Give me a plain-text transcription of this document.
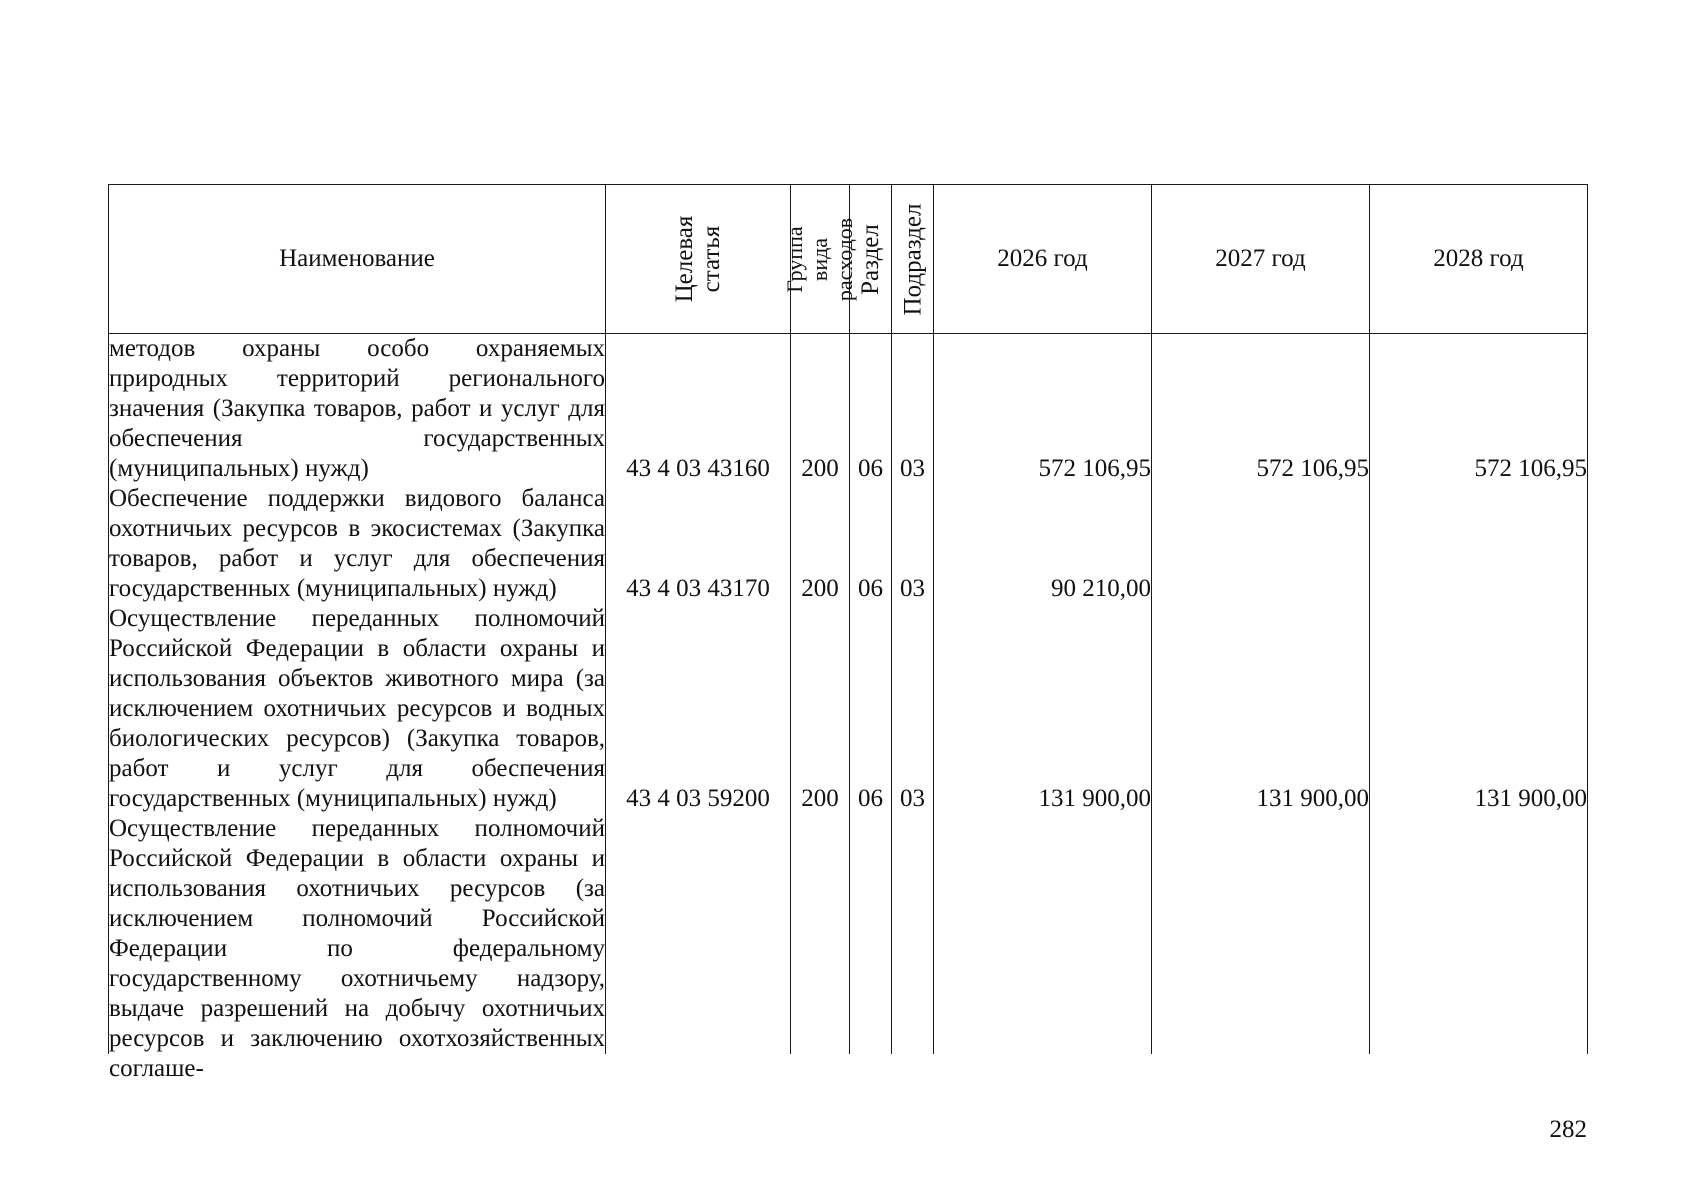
Наименование	Целевая статья	Группа вида расходов	Раздел	Подраздел	2026 год	2027 год	2028 год

методов охраны особо охраняемых природных территорий регионального значения (Закупка товаров, работ и услуг для обеспечения государственных (муниципальных) нужд)	43 4 03 43160	200	06	03	572 106,95	572 106,95	572 106,95

Обеспечение поддержки видового баланса охотничьих ресурсов в экосистемах (Закупка товаров, работ и услуг для обеспечения государственных (муниципальных) нужд)	43 4 03 43170	200	06	03	90 210,00		

Осуществление переданных полномочий Российской Федерации в области охраны и использования объектов животного мира (за исключением охотничьих ресурсов и водных биологических ресурсов) (Закупка товаров, работ и услуг для обеспечения государственных (муниципальных) нужд)	43 4 03 59200	200	06	03	131 900,00	131 900,00	131 900,00

Осуществление переданных полномочий Российской Федерации в области охраны и использования охотничьих ресурсов (за исключением полномочий Российской Федерации по федеральному государственному охотничьему надзору, выдаче разрешений на добычу охотничьих ресурсов и заключению охотхозяйственных соглаше-							

282
